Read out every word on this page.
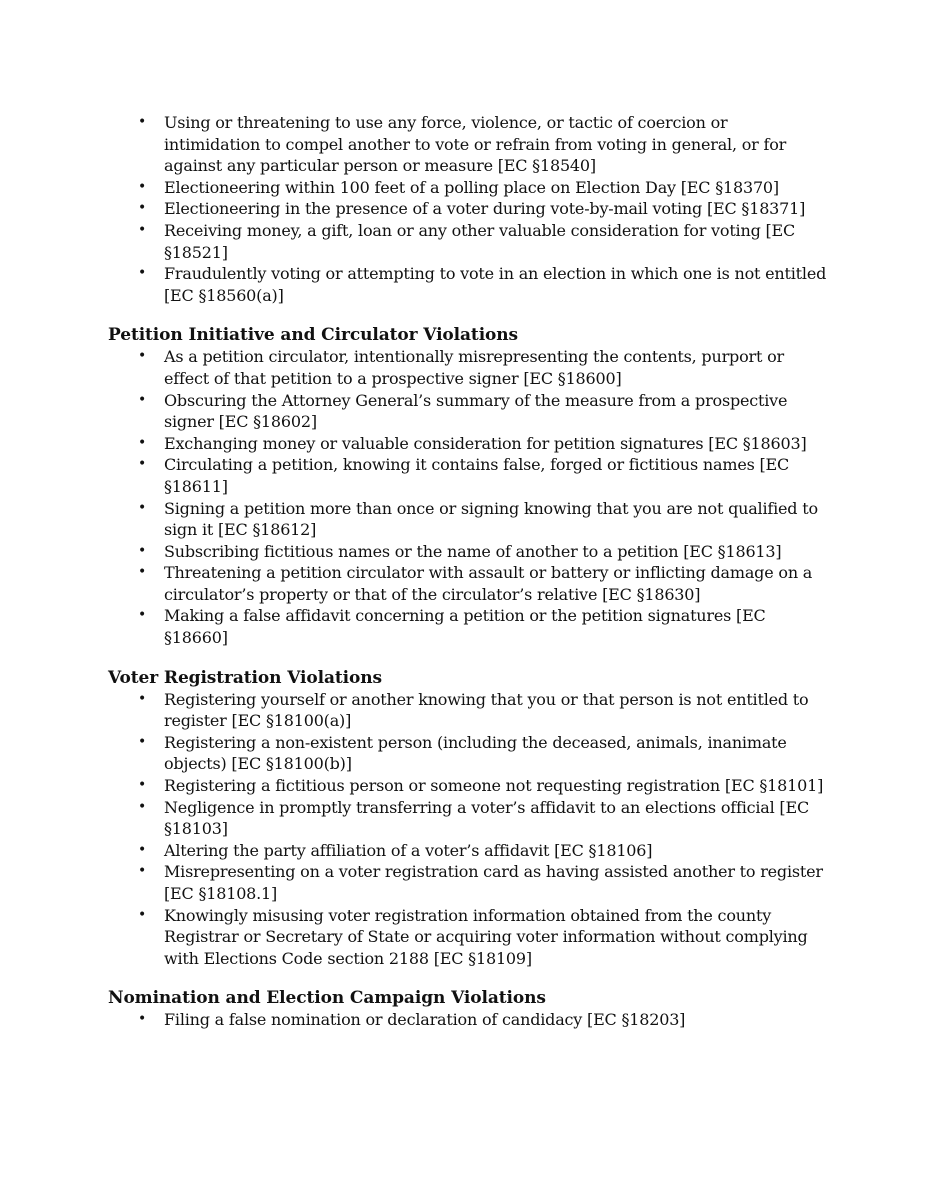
• Using or threatening to use any force, violence, or tactic of coercion or intimidation to compel another to vote or refrain from voting in general, or for against any particular person or measure [EC §18540]
• Electioneering within 100 feet of a polling place on Election Day [EC §18370]
• Electioneering in the presence of a voter during vote-by-mail voting [EC §18371]
• Receiving money, a gift, loan or any other valuable consideration for voting [EC §18521]
• Fraudulently voting or attempting to vote in an election in which one is not entitled [EC §18560(a)]
Petition Initiative and Circulator Violations
• As a petition circulator, intentionally misrepresenting the contents, purport or effect of that petition to a prospective signer [EC §18600]
• Obscuring the Attorney General’s summary of the measure from a prospective signer [EC §18602]
• Exchanging money or valuable consideration for petition signatures [EC §18603]
• Circulating a petition, knowing it contains false, forged or fictitious names [EC §18611]
• Signing a petition more than once or signing knowing that you are not qualified to sign it [EC §18612]
• Subscribing fictitious names or the name of another to a petition [EC §18613]
• Threatening a petition circulator with assault or battery or inflicting damage on a circulator’s property or that of the circulator’s relative [EC §18630]
• Making a false affidavit concerning a petition or the petition signatures [EC §18660]
Voter Registration Violations
• Registering yourself or another knowing that you or that person is not entitled to register [EC §18100(a)]
• Registering a non-existent person (including the deceased, animals, inanimate objects) [EC §18100(b)]
• Registering a fictitious person or someone not requesting registration [EC §18101]
• Negligence in promptly transferring a voter’s affidavit to an elections official [EC §18103]
• Altering the party affiliation of a voter’s affidavit [EC §18106]
• Misrepresenting on a voter registration card as having assisted another to register [EC §18108.1]
• Knowingly misusing voter registration information obtained from the county Registrar or Secretary of State or acquiring voter information without complying with Elections Code section 2188 [EC §18109]
Nomination and Election Campaign Violations
• Filing a false nomination or declaration of candidacy [EC §18203]
